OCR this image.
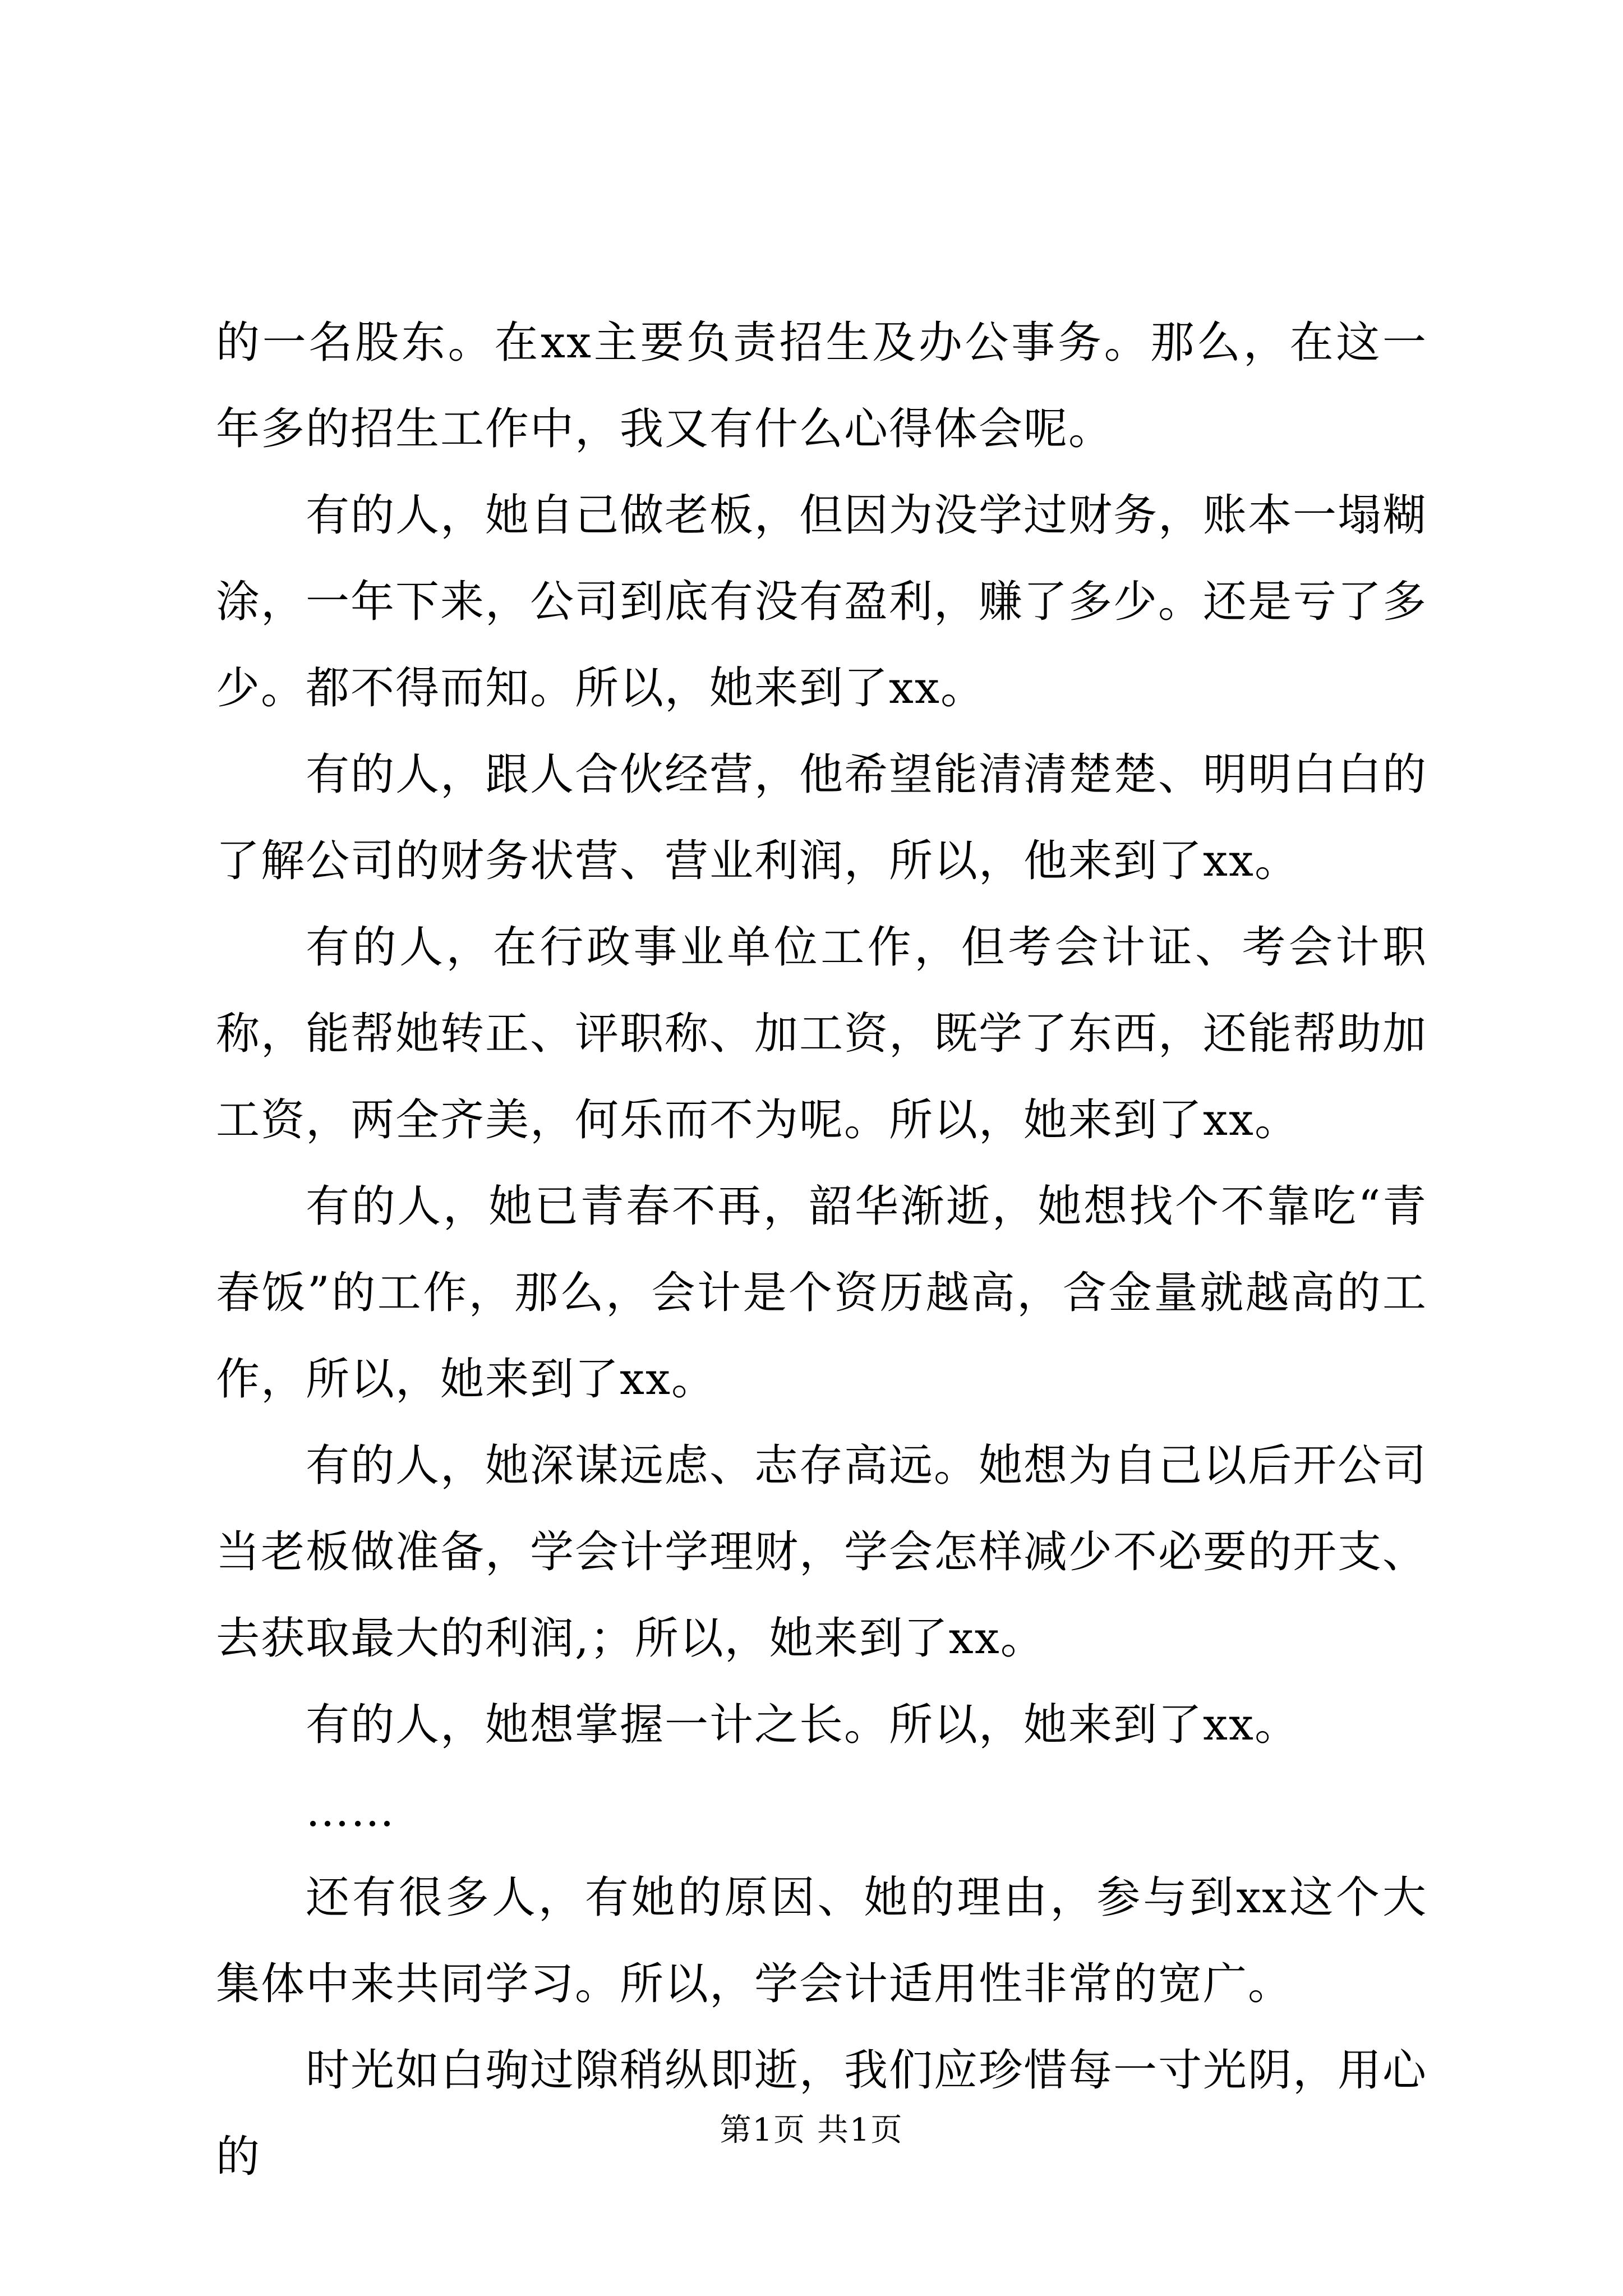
的一名股东。在xx主要负责招生及办公事务。那么，在这一年多的招生工作中，我又有什么心得体会呢。

有的人，她自己做老板，但因为没学过财务，账本一塌糊涂，一年下来，公司到底有没有盈利，赚了多少。还是亏了多少。都不得而知。所以，她来到了xx。

有的人，跟人合伙经营，他希望能清清楚楚、明明白白的了解公司的财务状营、营业利润，所以，他来到了xx。

有的人，在行政事业单位工作，但考会计证、考会计职称，能帮她转正、评职称、加工资，既学了东西，还能帮助加工资，两全齐美，何乐而不为呢。所以，她来到了xx。

有的人，她已青春不再，韶华渐逝，她想找个不靠吃“青春饭”的工作，那么，会计是个资历越高，含金量就越高的工作，所以，她来到了xx。

有的人，她深谋远虑、志存高远。她想为自己以后开公司当老板做准备，学会计学理财，学会怎样减少不必要的开支、去获取最大的利润,；所以，她来到了xx。

有的人，她想掌握一计之长。所以，她来到了xx。

……

还有很多人，有她的原因、她的理由，参与到xx这个大集体中来共同学习。所以，学会计适用性非常的宽广。

时光如白驹过隙稍纵即逝，我们应珍惜每一寸光阴，用心的

第1页 共1页
